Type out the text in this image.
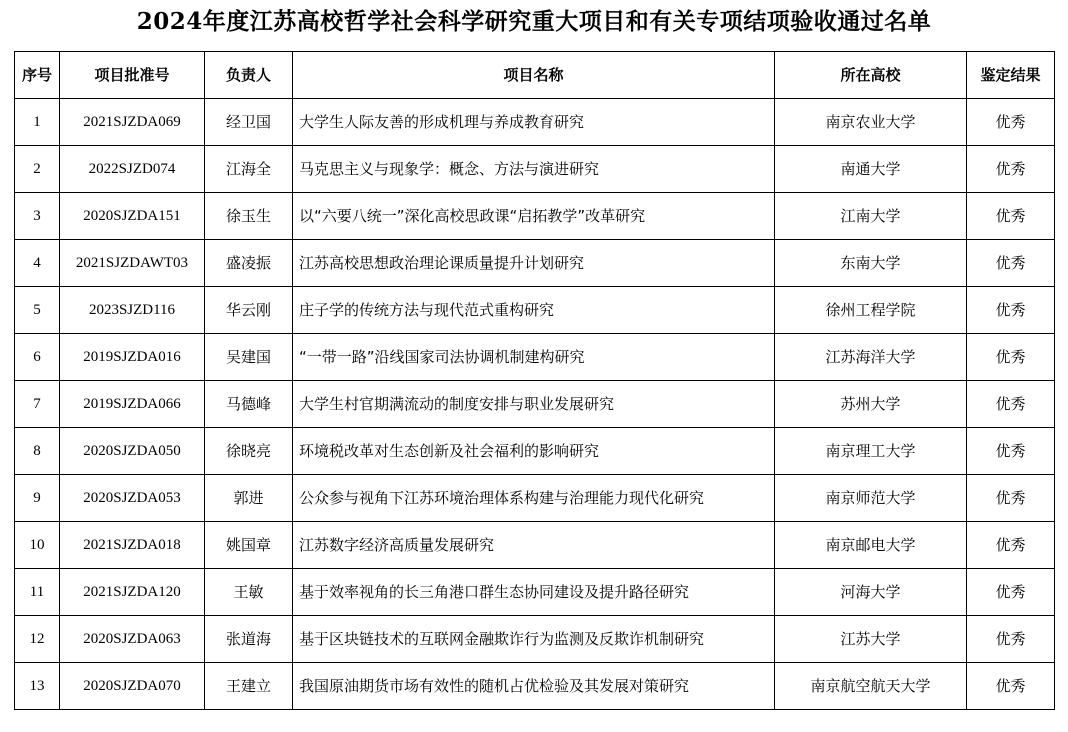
2024年度江苏高校哲学社会科学研究重大项目和有关专项结项验收通过名单
序号	项目批准号	负责人	项目名称	所在高校	鉴定结果
1	2021SJZDA069	经卫国	大学生人际友善的形成机理与养成教育研究	南京农业大学	优秀
2	2022SJZD074	江海全	马克思主义与现象学：概念、方法与演进研究	南通大学	优秀
3	2020SJZDA151	徐玉生	以“六要八统一”深化高校思政课“启拓教学”改革研究	江南大学	优秀
4	2021SJZDAWT03	盛凌振	江苏高校思想政治理论课质量提升计划研究	东南大学	优秀
5	2023SJZD116	华云刚	庄子学的传统方法与现代范式重构研究	徐州工程学院	优秀
6	2019SJZDA016	吴建国	“一带一路”沿线国家司法协调机制建构研究	江苏海洋大学	优秀
7	2019SJZDA066	马德峰	大学生村官期满流动的制度安排与职业发展研究	苏州大学	优秀
8	2020SJZDA050	徐晓亮	环境税改革对生态创新及社会福利的影响研究	南京理工大学	优秀
9	2020SJZDA053	郭进	公众参与视角下江苏环境治理体系构建与治理能力现代化研究	南京师范大学	优秀
10	2021SJZDA018	姚国章	江苏数字经济高质量发展研究	南京邮电大学	优秀
11	2021SJZDA120	王敏	基于效率视角的长三角港口群生态协同建设及提升路径研究	河海大学	优秀
12	2020SJZDA063	张道海	基于区块链技术的互联网金融欺诈行为监测及反欺诈机制研究	江苏大学	优秀
13	2020SJZDA070	王建立	我国原油期货市场有效性的随机占优检验及其发展对策研究	南京航空航天大学	优秀
